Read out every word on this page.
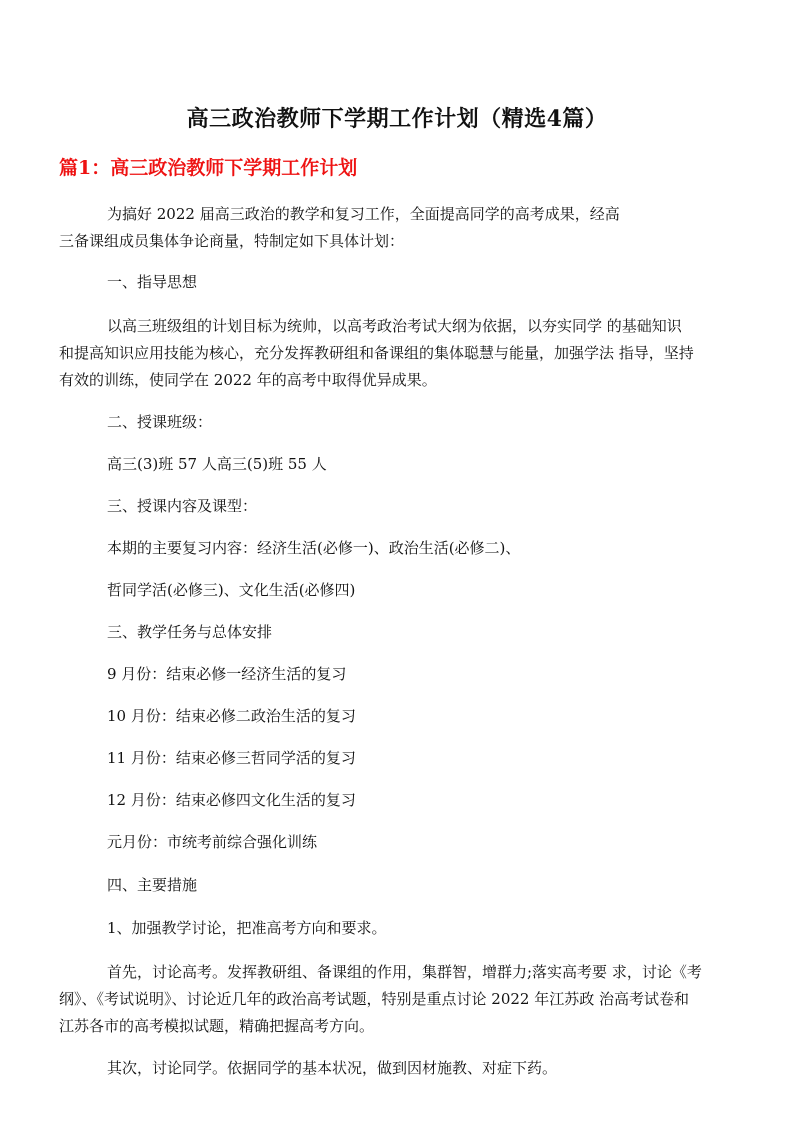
高三政治教师下学期工作计划（精选4篇）
篇1：高三政治教师下学期工作计划
为搞好 2022 届高三政治的教学和复习工作，全面提高同学的高考成果，经高
三备课组成员集体争论商量，特制定如下具体计划：
一、指导思想
以高三班级组的计划目标为统帅，以高考政治考试大纲为依据，以夯实同学 的基础知识
和提高知识应用技能为核心，充分发挥教研组和备课组的集体聪慧与能量，加强学法 指导，坚持
有效的训练，使同学在 2022 年的高考中取得优异成果。
二、授课班级：
高三(3)班 57 人高三(5)班 55 人
三、授课内容及课型：
本期的主要复习内容：经济生活(必修一)、政治生活(必修二)、
哲同学活(必修三)、文化生活(必修四)
三、教学任务与总体安排
9 月份：结束必修一经济生活的复习
10 月份：结束必修二政治生活的复习
11 月份：结束必修三哲同学活的复习
12 月份：结束必修四文化生活的复习
元月份：市统考前综合强化训练
四、主要措施
1、加强教学讨论，把准高考方向和要求。
首先，讨论高考。发挥教研组、备课组的作用，集群智，增群力;落实高考要 求，讨论《考
纲》、《考试说明》、讨论近几年的政治高考试题，特别是重点讨论 2022 年江苏政 治高考试卷和
江苏各市的高考模拟试题，精确把握高考方向。
其次，讨论同学。依据同学的基本状况，做到因材施教、对症下药。
